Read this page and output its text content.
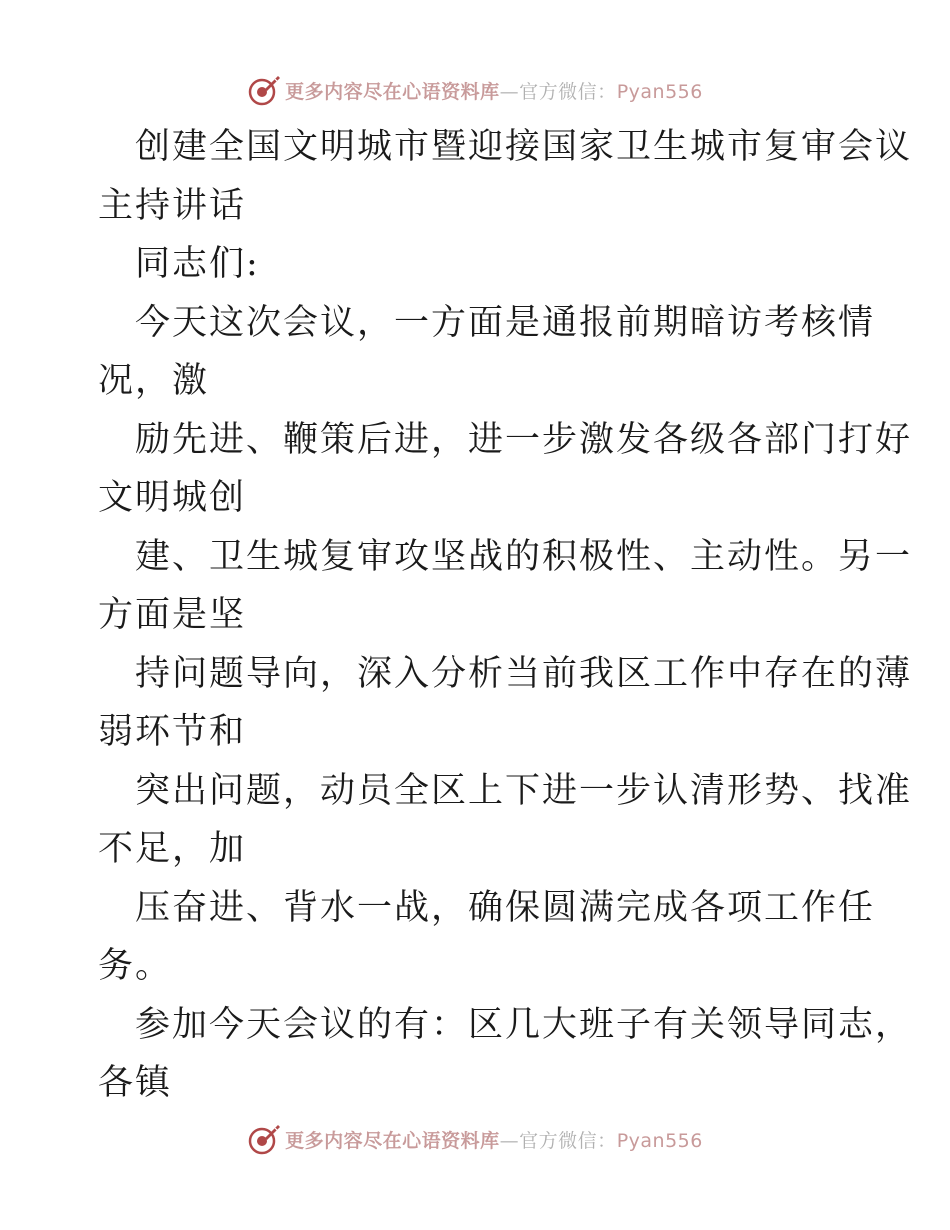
更多内容尽在心语资料库—官方微信：Pyan556
创建全国文明城市暨迎接国家卫生城市复审会议
主持讲话
同志们:
今天这次会议，一方面是通报前期暗访考核情
况，激
励先进、鞭策后进，进一步激发各级各部门打好
文明城创
建、卫生城复审攻坚战的积极性、主动性。另一
方面是坚
持问题导向，深入分析当前我区工作中存在的薄
弱环节和
突出问题，动员全区上下进一步认清形势、找准
不足，加
压奋进、背水一战，确保圆满完成各项工作任
务。
参加今天会议的有：区几大班子有关领导同志，
各镇
更多内容尽在心语资料库—官方微信：Pyan556
